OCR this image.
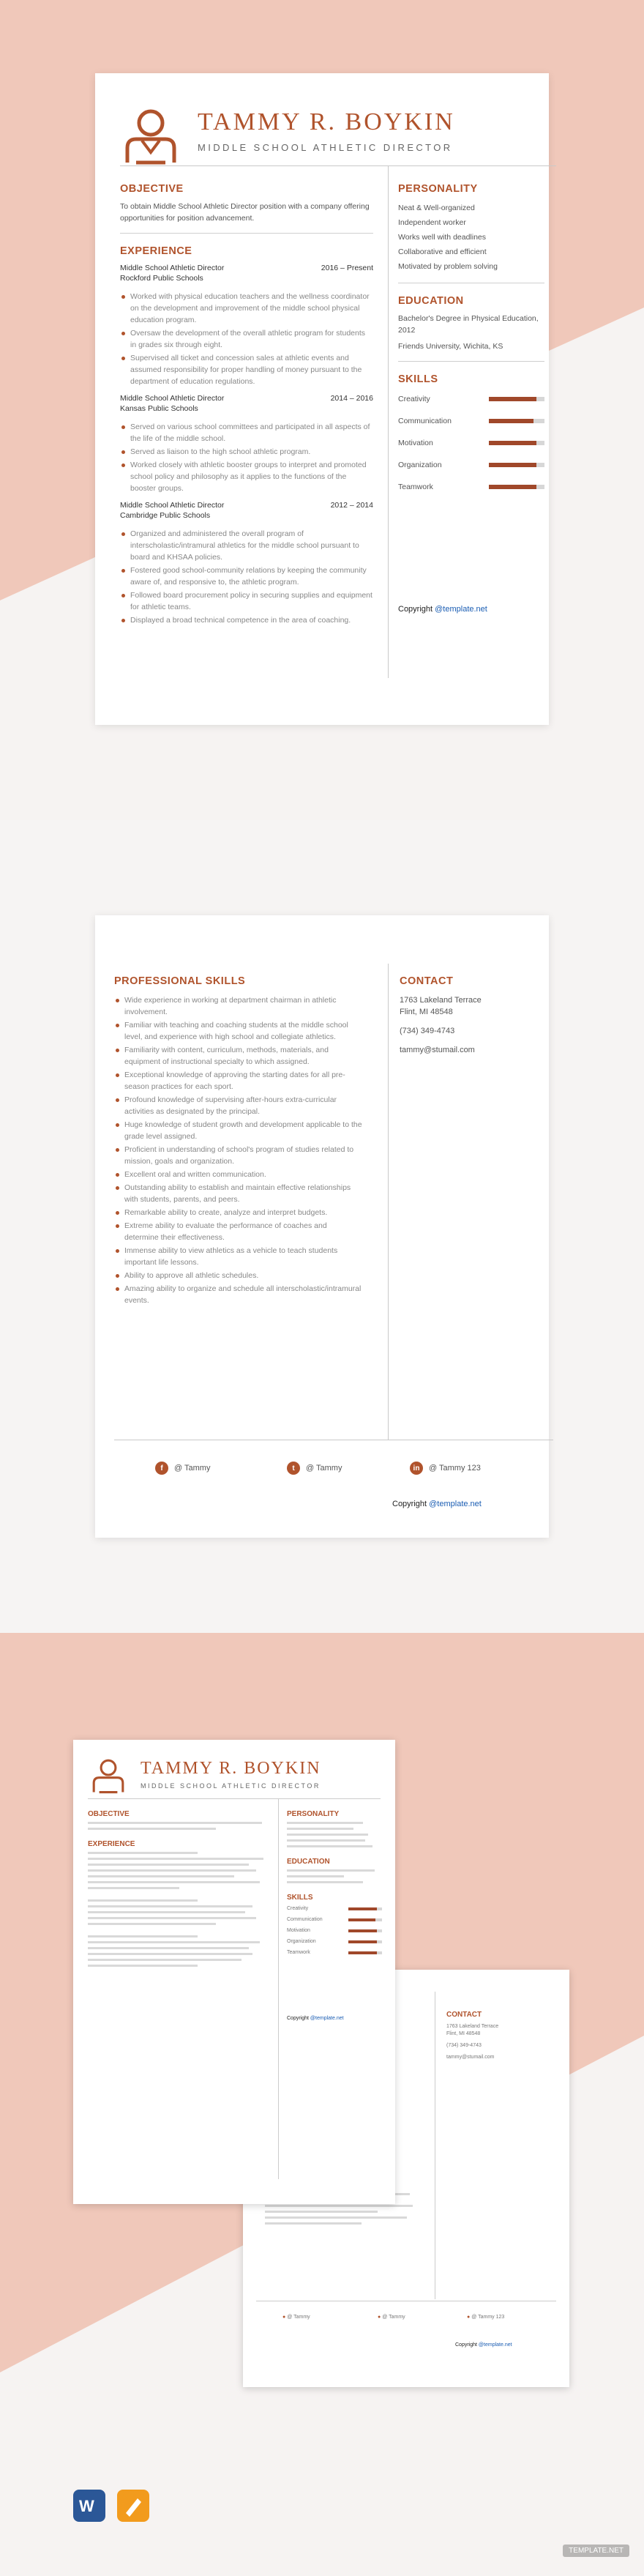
TAMMY R. BOYKIN
MIDDLE SCHOOL ATHLETIC DIRECTOR
OBJECTIVE
To obtain Middle School Athletic Director position with a company offering opportunities for position advancement.
EXPERIENCE
Middle School Athletic Director	2016 – Present
Rockford Public Schools
Worked with physical education teachers and the wellness coordinator on the development and improvement of the middle school physical education program.
Oversaw the development of the overall athletic program for students in grades six through eight.
Supervised all ticket and concession sales at athletic events and assumed responsibility for proper handling of money pursuant to the department of education regulations.
Middle School Athletic Director	2014 – 2016
Kansas Public Schools
Served on various school committees and participated in all aspects of the life of the middle school.
Served as liaison to the high school athletic program.
Worked closely with athletic booster groups to interpret and promoted school policy and philosophy as it applies to the functions of the booster groups.
Middle School Athletic Director	2012 – 2014
Cambridge Public Schools
Organized and administered the overall program of interscholastic/intramural athletics for the middle school pursuant to board and KHSAA policies.
Fostered good school-community relations by keeping the community aware of, and responsive to, the athletic program.
Followed board procurement policy in securing supplies and equipment for athletic teams.
Displayed a broad technical competence in the area of coaching.
PERSONALITY
Neat & Well-organized
Independent worker
Works well with deadlines
Collaborative and efficient
Motivated by problem solving
EDUCATION
Bachelor's Degree in Physical Education, 2012
Friends University, Wichita, KS
SKILLS
Creativity
Communication
Motivation
Organization
Teamwork
Copyright @template.net
PROFESSIONAL SKILLS
Wide experience in working at department chairman in athletic involvement.
Familiar with teaching and coaching students at the middle school level, and experience with high school and collegiate athletics.
Familiarity with content, curriculum, methods, materials, and equipment of instructional specialty to which assigned.
Exceptional knowledge of approving the starting dates for all pre-season practices for each sport.
Profound knowledge of supervising after-hours extra-curricular activities as designated by the principal.
Huge knowledge of student growth and development applicable to the grade level assigned.
Proficient in understanding of school's program of studies related to mission, goals and organization.
Excellent oral and written communication.
Outstanding ability to establish and maintain effective relationships with students, parents, and peers.
Remarkable ability to create, analyze and interpret budgets.
Extreme ability to evaluate the performance of coaches and determine their effectiveness.
Immense ability to view athletics as a vehicle to teach students important life lessons.
Ability to approve all athletic schedules.
Amazing ability to organize and schedule all interscholastic/intramural events.
CONTACT
1763 Lakeland Terrace
Flint, MI 48548
(734) 349-4743
tammy@stumail.com
f	@ Tammy	t	@ Tammy	in	@ Tammy 123
Copyright @template.net
CONTACT
1763 Lakeland Terrace
Flint, MI 48548
(734) 349-4743
tammy@stumail.com
● @ Tammy	● @ Tammy	● @ Tammy 123
Copyright @template.net
TAMMY R. BOYKIN
MIDDLE SCHOOL ATHLETIC DIRECTOR
OBJECTIVE
EXPERIENCE
PERSONALITY
EDUCATION
SKILLS
Creativity
Communication
Motivation
Organization
Teamwork
Copyright @template.net
W
TEMPLATE.NET
